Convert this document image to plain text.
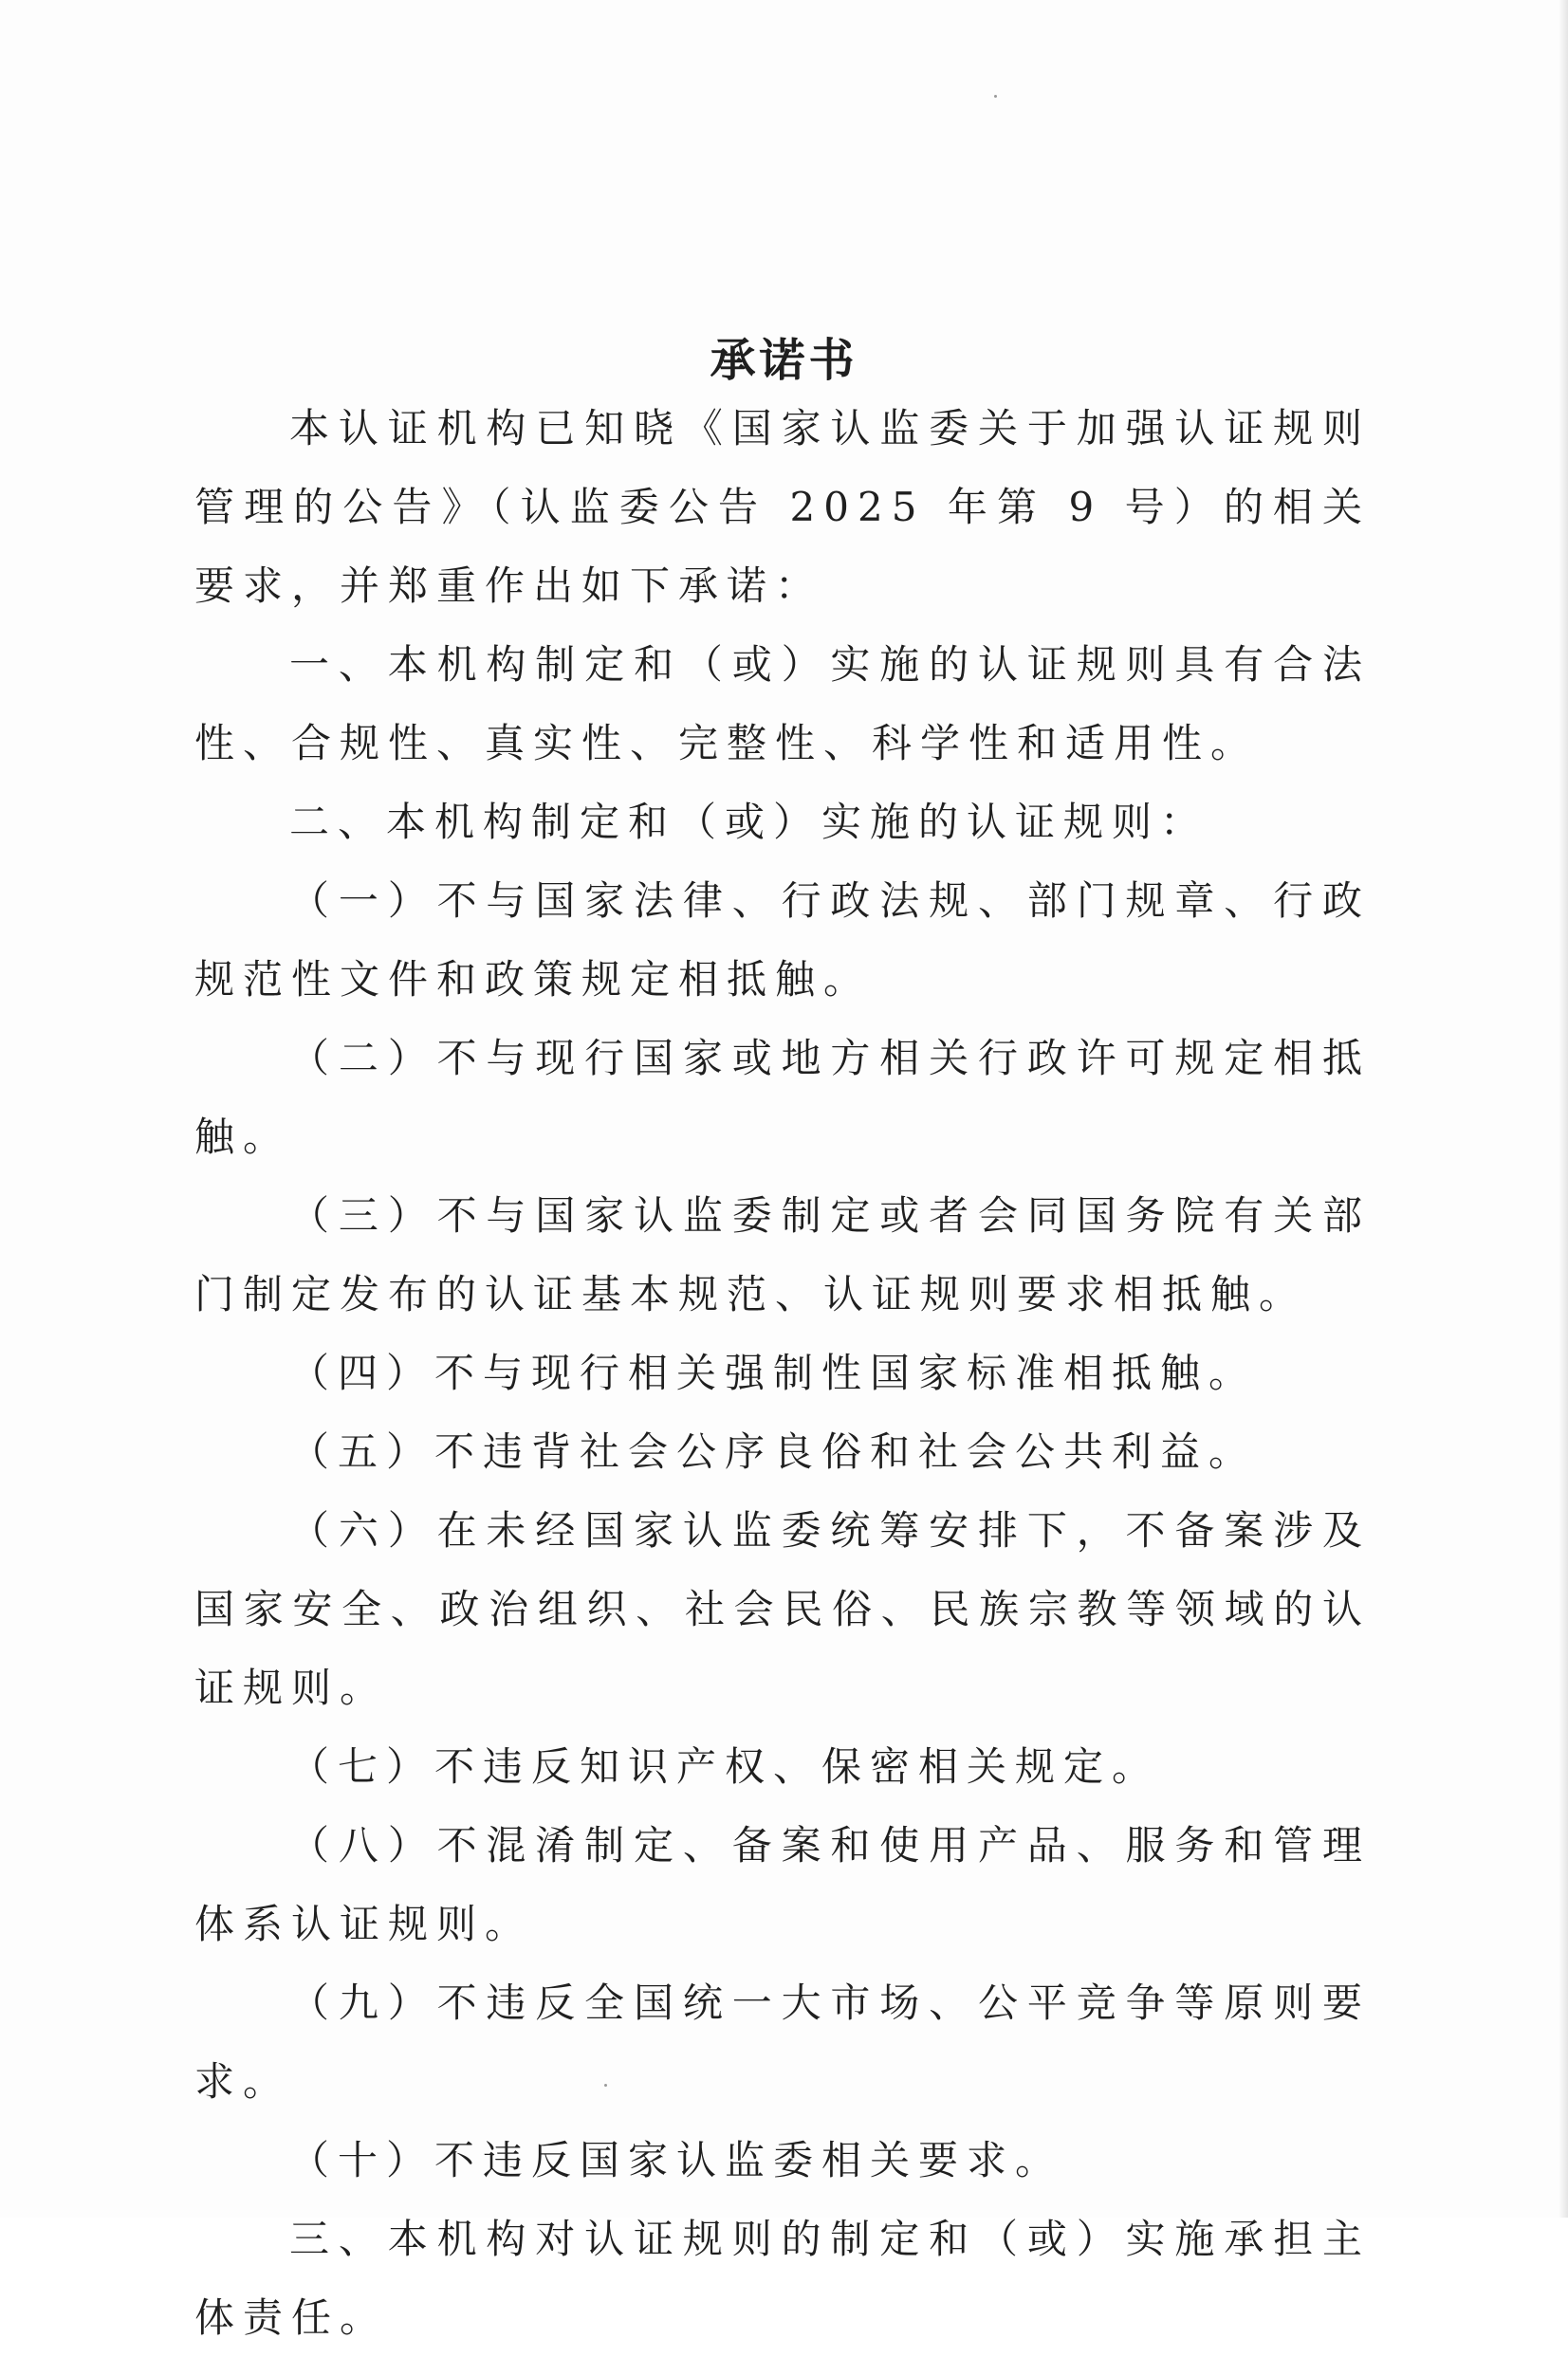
承诺书

本认证机构已知晓《国家认监委关于加强认证规则管理的公告》（认监委公告 2025 年第 9 号）的相关要求，并郑重作出如下承诺：

一、本机构制定和（或）实施的认证规则具有合法性、合规性、真实性、完整性、科学性和适用性。

二、本机构制定和（或）实施的认证规则：

（一）不与国家法律、行政法规、部门规章、行政规范性文件和政策规定相抵触。

（二）不与现行国家或地方相关行政许可规定相抵触。

（三）不与国家认监委制定或者会同国务院有关部门制定发布的认证基本规范、认证规则要求相抵触。

（四）不与现行相关强制性国家标准相抵触。

（五）不违背社会公序良俗和社会公共利益。

（六）在未经国家认监委统筹安排下，不备案涉及国家安全、政治组织、社会民俗、民族宗教等领域的认证规则。

（七）不违反知识产权、保密相关规定。

（八）不混淆制定、备案和使用产品、服务和管理体系认证规则。

（九）不违反全国统一大市场、公平竞争等原则要求。

（十）不违反国家认监委相关要求。

三、本机构对认证规则的制定和（或）实施承担主体责任。
